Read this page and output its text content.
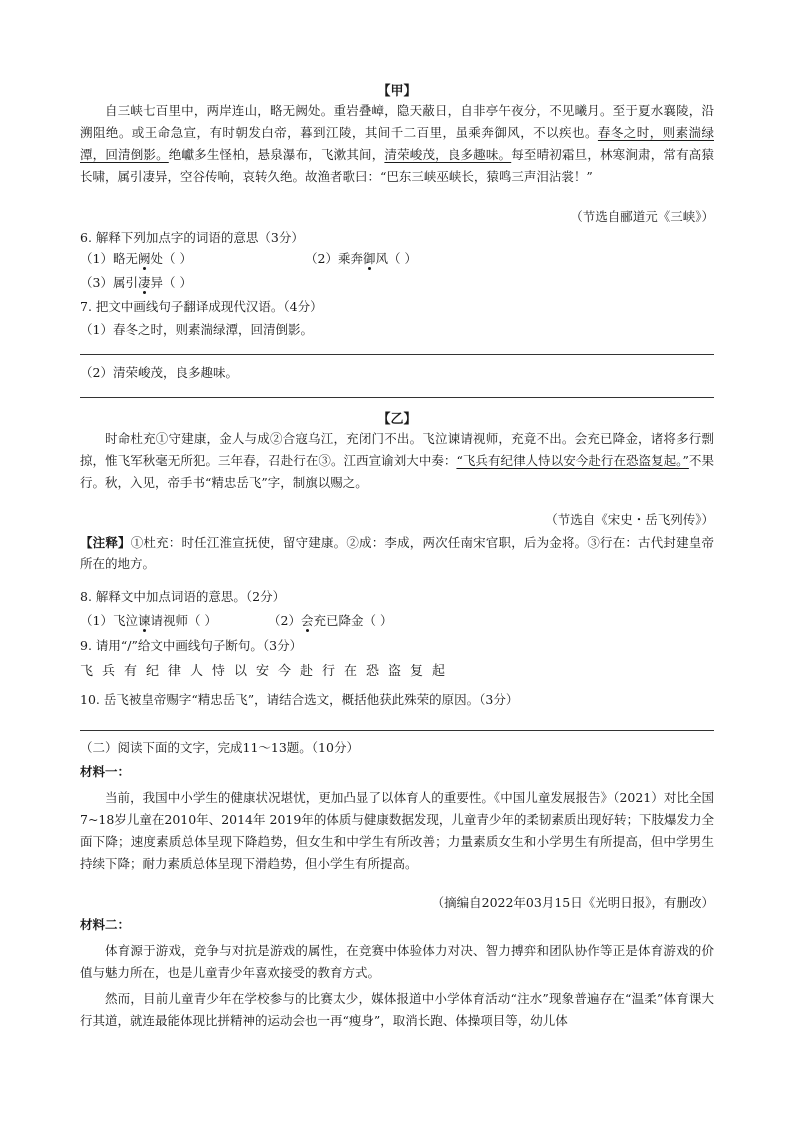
【甲】

自三峡七百里中，两岸连山，略无阙处。重岩叠嶂，隐天蔽日，自非亭午夜分，不见曦月。至于夏水襄陵，沿溯阻绝。或王命急宣，有时朝发白帝，暮到江陵，其间千二百里，虽乘奔御风，不以疾也。春冬之时，则素湍绿潭，回清倒影。绝巘多生怪柏，悬泉瀑布，飞漱其间，清荣峻茂，良多趣味。每至晴初霜旦，林寒涧肃，常有高猿长啸，属引凄异，空谷传响，哀转久绝。故渔者歌曰：“巴东三峡巫峡长，猿鸣三声泪沾裳！”

（节选自郦道元《三峡》）
6. 解释下列加点字的词语的意思（3分）
（1）略无阙处（ ）	（2）乘奔御风（ ）
（3）属引凄异（ ）
7. 把文中画线句子翻译成现代汉语。（4分）
（1）春冬之时，则素湍绿潭，回清倒影。
（2）清荣峻茂，良多趣味。
【乙】

时命杜充①守建康，金人与成②合寇乌江，充闭门不出。飞泣谏请视师，充竟不出。会充已降金，诸将多行剽掠，惟飞军秋毫无所犯。三年春，召赴行在③。江西宣谕刘大中奏：“飞兵有纪律人恃以安今赴行在恐盗复起。”不果行。秋，入见，帝手书“精忠岳飞”字，制旗以赐之。

（节选自《宋史・岳飞列传》）

【注释】①杜充：时任江淮宣抚使，留守建康。②成：李成，两次任南宋官职，后为金将。③行在：古代封建皇帝所在的地方。

8. 解释文中加点词语的意思。（2分）
（1）飞泣谏请视师（ ）	（2）会充已降金（ ）
9. 请用“/”给文中画线句子断句。（3分）
飞兵有纪律人恃以安今赴行在恐盗复起
10. 岳飞被皇帝赐字“精忠岳飞”，请结合选文，概括他获此殊荣的原因。（3分）
（二）阅读下面的文字，完成11～13题。（10分）
材料一：

当前，我国中小学生的健康状况堪忧，更加凸显了以体育人的重要性。《中国儿童发展报告》（2021）对比全国7~18岁儿童在2010年、2014年 2019年的体质与健康数据发现，儿童青少年的柔韧素质出现好转；下肢爆发力全面下降；速度素质总体呈现下降趋势，但女生和中学生有所改善；力量素质女生和小学男生有所提高，但中学男生持续下降；耐力素质总体呈现下滑趋势，但小学生有所提高。

（摘编自2022年03月15日《光明日报》，有删改）
材料二：

体育源于游戏，竞争与对抗是游戏的属性，在竞赛中体验体力对决、智力搏弈和团队协作等正是体育游戏的价值与魅力所在，也是儿童青少年喜欢接受的教育方式。

然而，目前儿童青少年在学校参与的比赛太少，媒体报道中小学体育活动“注水”现象普遍存在“温柔”体育课大行其道，就连最能体现比拼精神的运动会也一再“瘦身”，取消长跑、体操项目等，幼儿体
